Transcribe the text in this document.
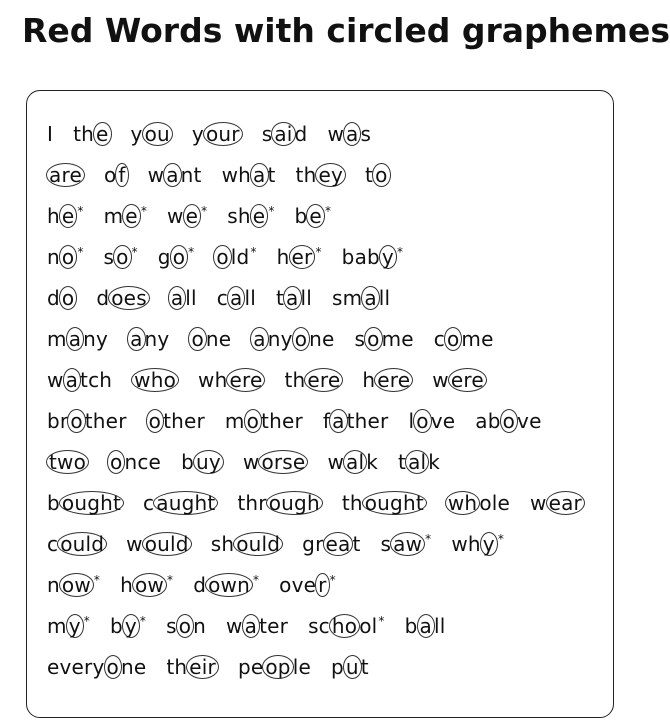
Red Words with circled graphemes
I th e y ou y our s ai d w a s
are o f w a nt wh a t th ey t o
h e * m e * w e * sh e * b e *
n o * s o * g o * o ld* h er * bab y *
d o d oes a ll c a ll t a ll sm a ll
m a ny a ny o ne a ny o ne s o me c o me
w a tch who wh ere th ere h ere w ere
br o ther o ther m o ther f a ther l o ve ab o ve
two o nce b uy w orse w al k t al k
b ought c aught thr ough th ought wh ole w ear
c ould w ould sh ould gr ea t s aw * wh y *
n ow * h ow * d own * ove r *
m y * b y * s o n w a ter sc ho ol* b a ll
every o ne th eir pe op le p u t
